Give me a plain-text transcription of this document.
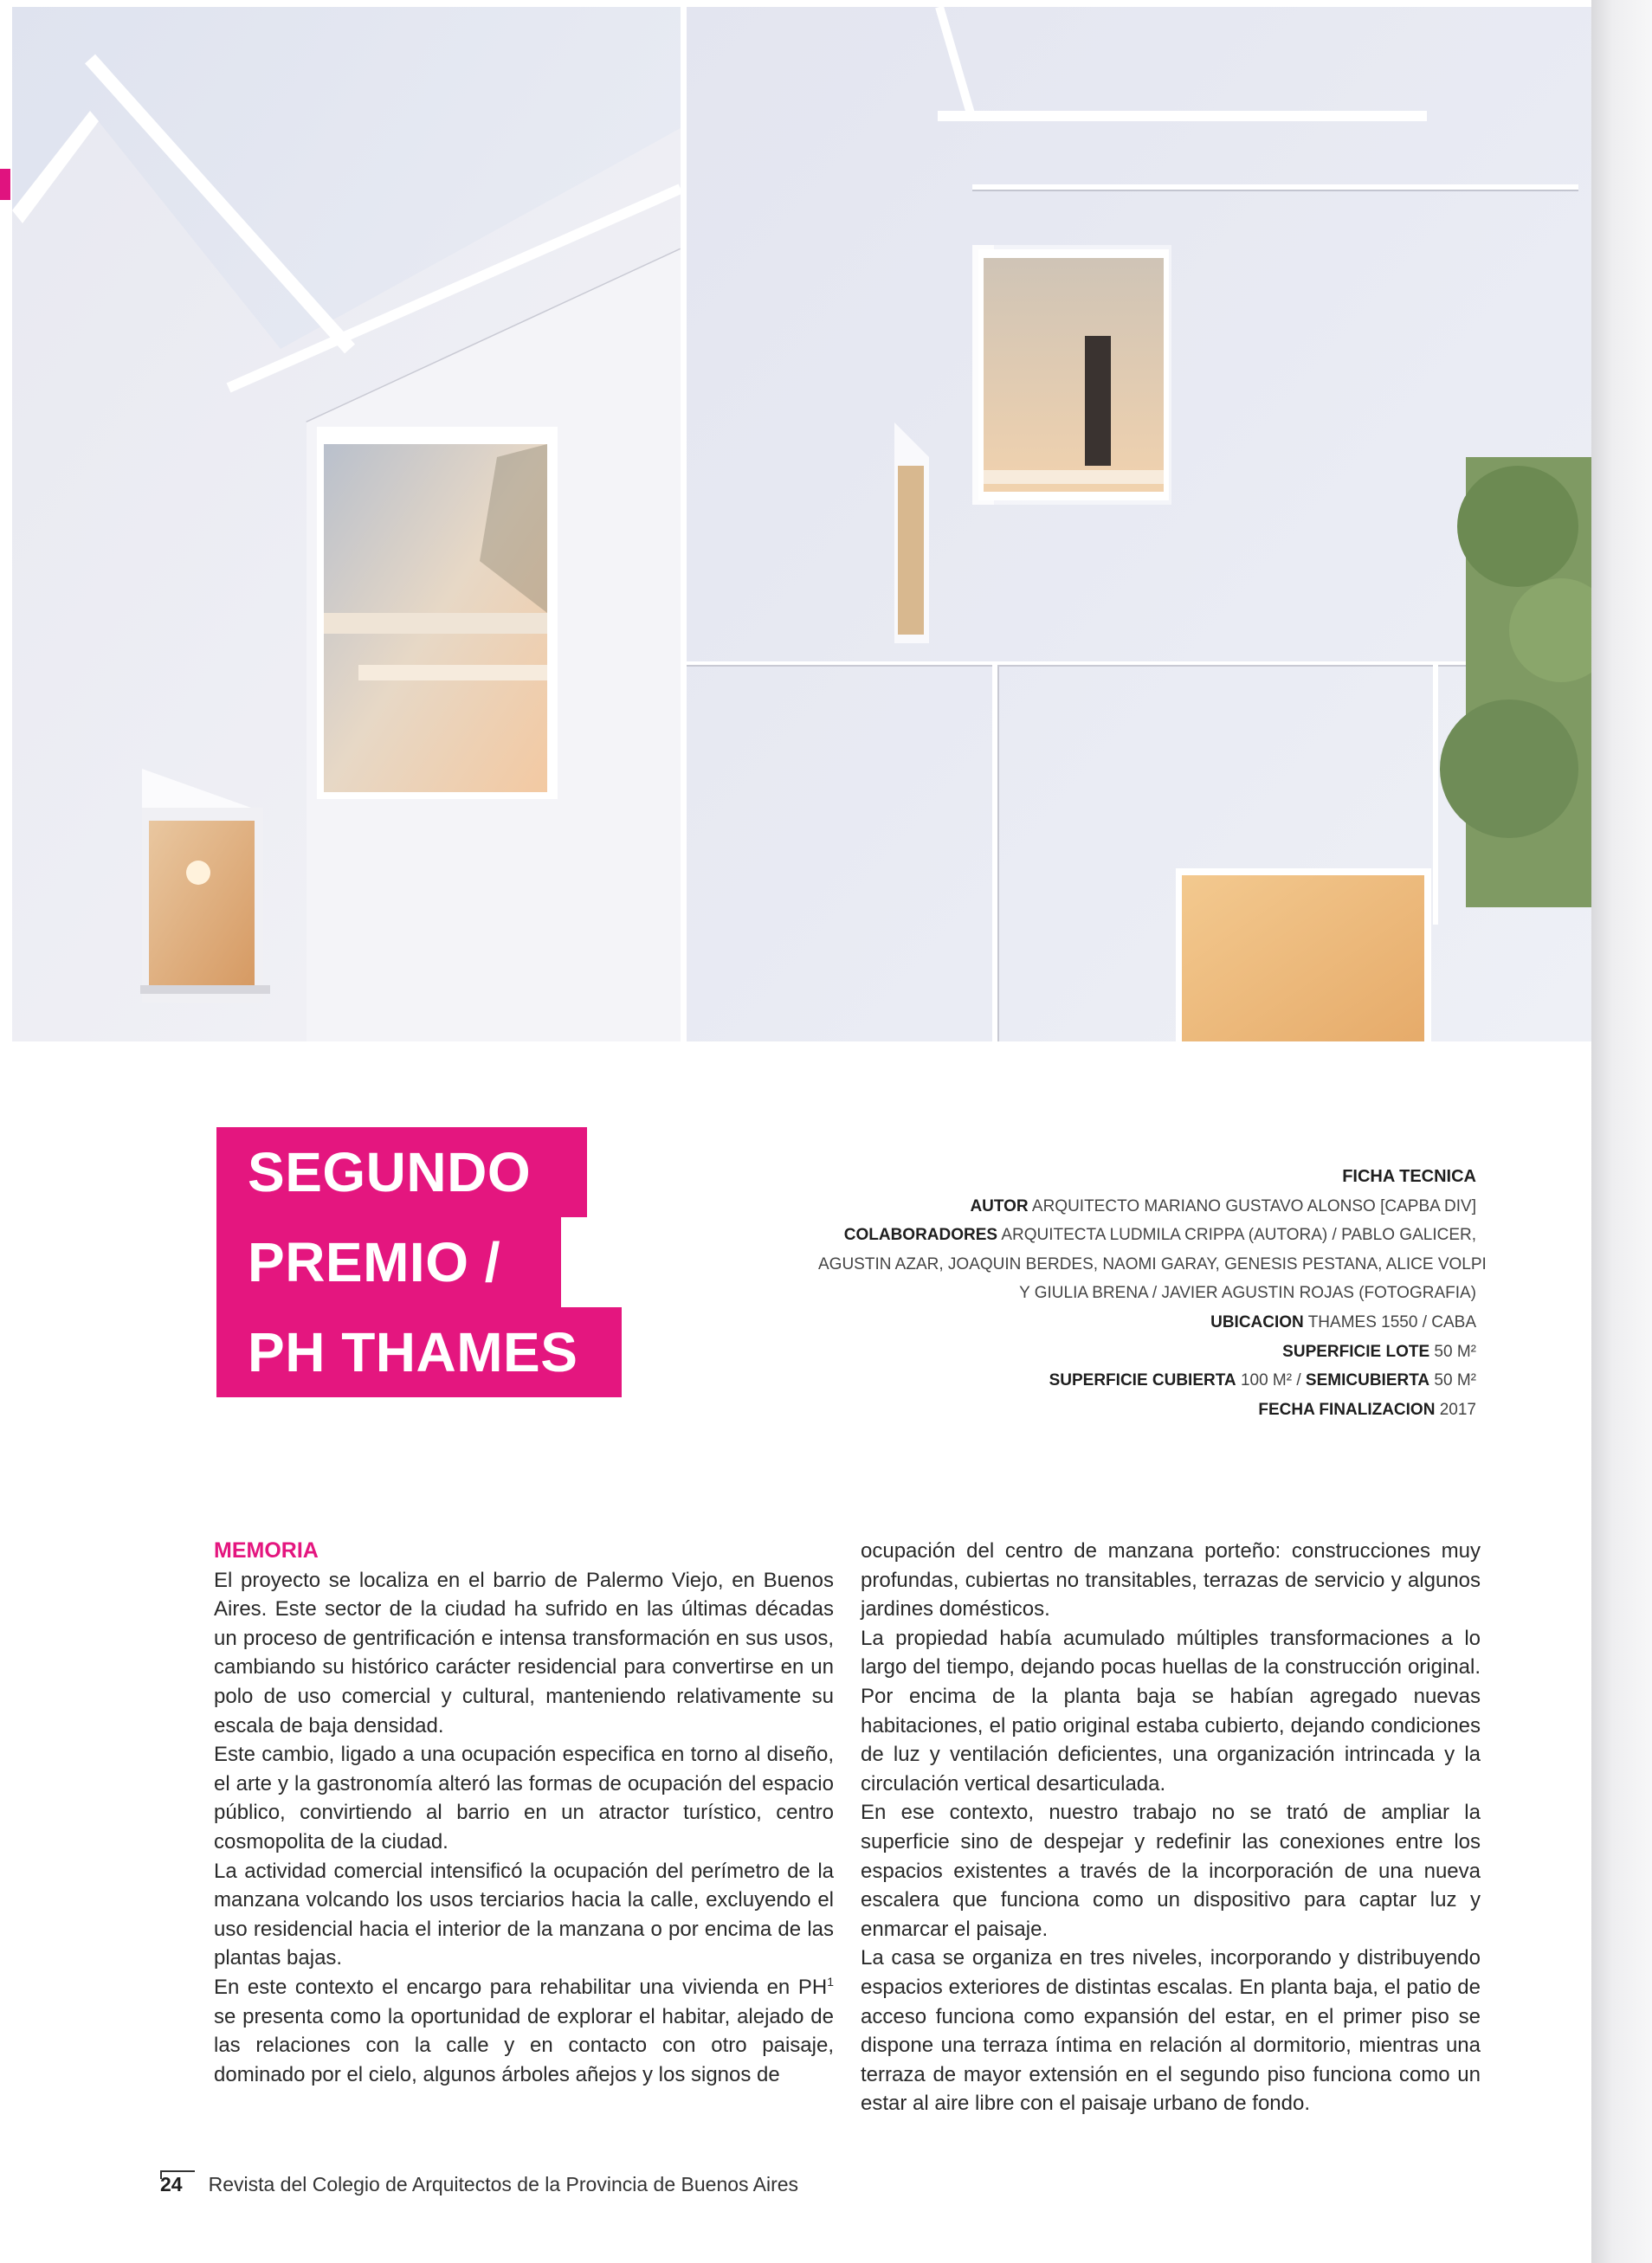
SEGUNDO
PREMIO /
PH THAMES
FICHA TECNICA
AUTOR ARQUITECTO MARIANO GUSTAVO ALONSO [CAPBA DIV]
COLABORADORES ARQUITECTA LUDMILA CRIPPA (AUTORA) / PABLO GALICER,
AGUSTIN AZAR, JOAQUIN BERDES, NAOMI GARAY, GENESIS PESTANA, ALICE VOLPI
Y GIULIA BRENA / JAVIER AGUSTIN ROJAS (FOTOGRAFIA)
UBICACION THAMES 1550 / CABA
SUPERFICIE LOTE 50 M²
SUPERFICIE CUBIERTA 100 M² / SEMICUBIERTA 50 M²
FECHA FINALIZACION 2017

MEMORIA

El proyecto se localiza en el barrio de Palermo Viejo, en Buenos Aires. Este sector de la ciudad ha sufrido en las últimas décadas un proceso de gentrificación e intensa transformación en sus usos, cambiando su histórico carácter residencial para convertirse en un polo de uso comercial y cultural, manteniendo relativamente su escala de baja densidad.

Este cambio, ligado a una ocupación especifica en torno al diseño, el arte y la gastronomía alteró las formas de ocupación del espacio público, convirtiendo al barrio en un atractor turístico, centro cosmopolita de la ciudad.

La actividad comercial intensificó la ocupación del perímetro de la manzana volcando los usos terciarios hacia la calle, excluyendo el uso residencial hacia el interior de la manzana o por encima de las plantas bajas.

En este contexto el encargo para rehabilitar una vivienda en $PH^1$ se presenta como la oportunidad de explorar el habitar, alejado de las relaciones con la calle y en contacto con otro paisaje, dominado por el cielo, algunos árboles añejos y los signos de

ocupación del centro de manzana porteño: construcciones muy profundas, cubiertas no transitables, terrazas de servicio y algunos jardines domésticos.

La propiedad había acumulado múltiples transformaciones a lo largo del tiempo, dejando pocas huellas de la construcción original. Por encima de la planta baja se habían agregado nuevas habitaciones, el patio original estaba cubierto, dejando condiciones de luz y ventilación deficientes, una organización intrincada y la circulación vertical desarticulada.

En ese contexto, nuestro trabajo no se trató de ampliar la superficie sino de despejar y redefinir las conexiones entre los espacios existentes a través de la incorporación de una nueva escalera que funciona como un dispositivo para captar luz y enmarcar el paisaje.

La casa se organiza en tres niveles, incorporando y distribuyendo espacios exteriores de distintas escalas. En planta baja, el patio de acceso funciona como expansión del estar, en el primer piso se dispone una terraza íntima en relación al dormitorio, mientras una terraza de mayor extensión en el segundo piso funciona como un estar al aire libre con el paisaje urbano de fondo.

24 Revista del Colegio de Arquitectos de la Provincia de Buenos Aires
